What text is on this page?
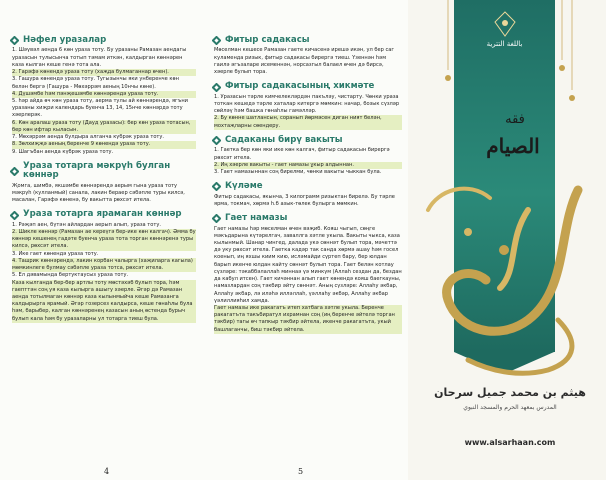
Нәфел уразалар

1. Шәүвәл аенда 6 көн ураза тоту. Бу уразаны Рамазан аендагы уразасын тулысынча тотып тәмам иткән, калдырган көннәрен каза кылган кеше генә тота ала.

2. Гарәфә көнендә ураза тоту (хаҗда булмаганнар өчен).

3. Гашура көнендә ураза тоту. Тугызынчы яки унберенче көн белән бергә (Гашура - Мөхәррәм аеның 10нчы көне).

4. Дүшәмбе һәм пәнҗешәмбе көннәрендә ураза тоту.

5. һәр айда өч көн ураза тоту, аерма тулы ай көннәрендә, ягъни уразаны хиҗри календарь буенча 13, 14, 15нче көннәрдә тоту хәерлерәк.

6. Көн аралаш ураза тоту (Дауд уразасы): бер көн ураза тотасын, бер көн ифтар кыласын.

7. Мөхәррәм аенда булдыра алганча күбрәк ураза тоту.

8. Зөлхиҗҗә аеның беренче 9 көнендә ураза тоту.

9. Шагъбан аенда күбрәк ураза тоту.

Ураза тотарга мәкрүһ булган көннәр

Җомга, шимбә, якшәмбе көннәрендә аерым гына ураза тоту мәкрүһ (кулланмый) санала, лакин бераер сәбәпле туры килсә, масалан, Гарәфә көненә, бу вакытта рөхсәт итела.

Ураза тотарга ярамаган көннәр

1. Рәҗәп аен, бүтән айлардан аерып алып, ураза тоту.

2. Шикле көннәр (Рамазан ае кереүгә бер-ике көн калгач). Әмма бу көннәр кешенең гадәте буенча ураза тота торган көннәренә туры килсә, рөхсәт итела.

3. Ике гает көнендә ураза тоту.

4. Ташрик көннәрендә, лакин корбан чалырга (хаҗиларга кагыла) мөмкинлеге булмау сәбәпле ураза тотса, рөхсәт итела.

5. Ел дәвамында бертуктаусыз ураза тоту.

Каза кылганда бер-бер артлы тоту мөстәхәб булып тора, һәм гаепттән соң уя каза кылырга ашыгу хәерле. Әгәр дә Рамазан аенда тотылмаган көннәр каза кылынмыйча кеше Рамазанга калдырырга ярамый. Әгәр гозерсез калдырса, кеше гөнаһлы була һәм, барыбер, калган көннәренең казасын аның өстенда бурыч булып кала һәм бу уразаларны ул тотарга тиеш була.

4
Фитыр садакасы

Мөселман кешесе Рамазан гаете кичасенә ирешә икән, ул бер саг куламенда ризык, фитыр садакасы бирергә тиеш. Үзеннән һәм гаилә әгъзаларе исеменнән, норсазгыл балаел өчен дә бирсә, хәерле булып тора.

Фитыр садакасының хикмәте

1. Уразасын тәрле кимчелекләрдән пакъләу, чистарту. Чөнки ураза тоткан кешедә тәрле хаталар китергә мөмкин: начар, бозык сүзләр сөйләү һәм башка гөнаһлы гамәлләр.

2. Бу көнне шатлансын, соранып йөрмәсен диган ният белән, мохтаҗларны сөендеру.

Садаканы бирү вакыты

1. Гаетка бер көн яки ике көн калгач, фитыр садакасын бирергә рөхсәт итела.

2. Иң хәерле вакыты - гает намазы ұкыр алдыннан.

3. Гает намазыннан соң бирелми, чөнки вакыты чыккан була.

Күләме

Фитыр садакасы, якынча, 3 килограмм ризыктан бирелә. Бу тәрле ярма, токмач, хөрмә һ.б азык-төлек булырга мөмкин.

Гает намазы

Гает намазы һәр мөселман өчен вәҗиб. Кояш чыгып, сөңге мәкъдарына күтәрелгач, заваллга хәтле укыла. Вакыты чыкса, каза кылынмый. Шанар чингед, далада укә сөннәт булып тора, мәчеттә дә уку рөхсәт итела. Гаетка кадәр так санда хөрмә ашау һәм госел коенып, иң яхшы киим кию, исләмайди сүртеп бару, бер юлдан барып икенче юлдан кайту сөннәт булып тора. Гает белән котлау сүзләре: тәкаббәлаллаһ миннаә үә минкүм (Аллаһ сездан да, бездан да кабул итсен). Гает кичәннан алып гает көнендә кояш баегкауны, намазлардан соң тәкбир әйту сөннәт. Аның сүзләре: Аллаһу әкбар, Аллаһу әкбар, лә иләһә илләллаһ, үәллаһу әкбәр, Аллаһу әкбар үәлиллияһил хамда.

Гает намазы ике ракагатъ итеп хатбага хәтле укыла. Беренче ракагатъта такъбиратул ихрамнан соң (иң беренче әйтелә торган тәкбир) тагы өч тапкыр тәкбир әйтела, икенче ракагатъта, укый башлаганчы, биш тәкбир әйтела.

5
باللغة التترية
فقه
الصيام
هيثم بن محمد جميل سرحان
المدرس بمعهد الحرم والمسجد النبوي
www.alsarhaan.com
